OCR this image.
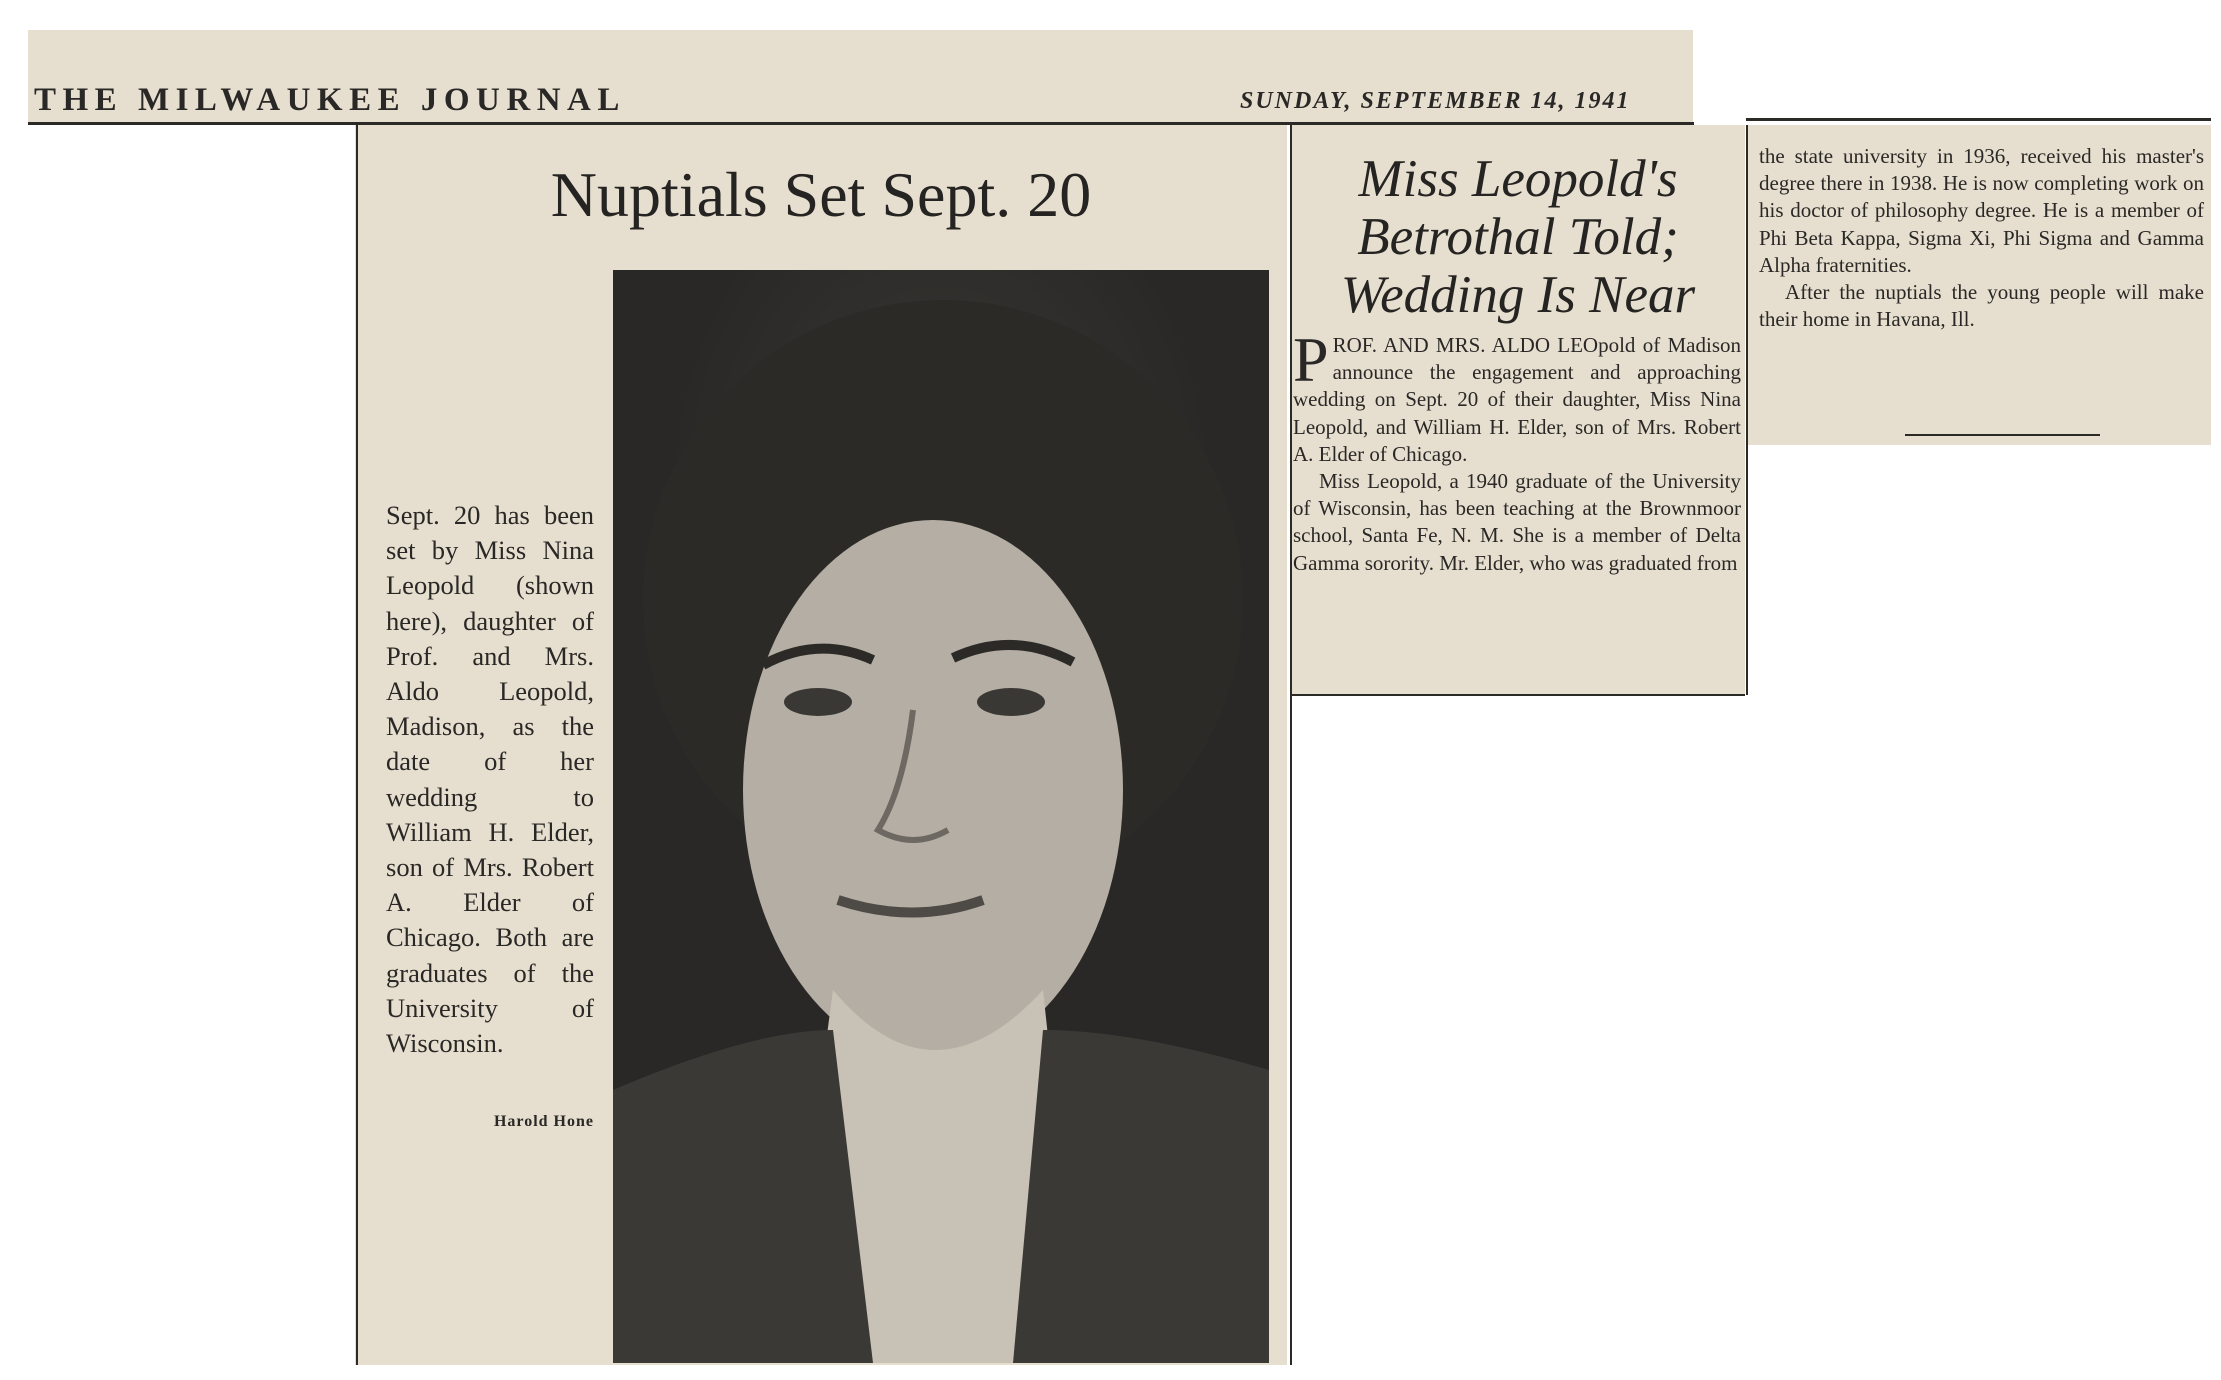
THE MILWAUKEE JOURNAL	SUNDAY, SEPTEMBER 14, 1941
Nuptials Set Sept. 20
Sept. 20 has been set by Miss Nina Leopold (shown here), daughter of Prof. and Mrs. Aldo Leopold, Madison, as the date of her wedding to William H. Elder, son of Mrs. Robert A. Elder of Chicago. Both are graduates of the University of Wisconsin.
Harold Hone
Miss Leopold's Betrothal Told; Wedding Is Near

PROF. AND MRS. ALDO LEOpold of Madison announce the engagement and approaching wedding on Sept. 20 of their daughter, Miss Nina Leopold, and William H. Elder, son of Mrs. Robert A. Elder of Chicago.

Miss Leopold, a 1940 graduate of the University of Wisconsin, has been teaching at the Brownmoor school, Santa Fe, N. M. She is a member of Delta Gamma sorority. Mr. Elder, who was graduated from

the state university in 1936, received his master's degree there in 1938. He is now completing work on his doctor of philosophy degree. He is a member of Phi Beta Kappa, Sigma Xi, Phi Sigma and Gamma Alpha fraternities.

After the nuptials the young people will make their home in Havana, Ill.
